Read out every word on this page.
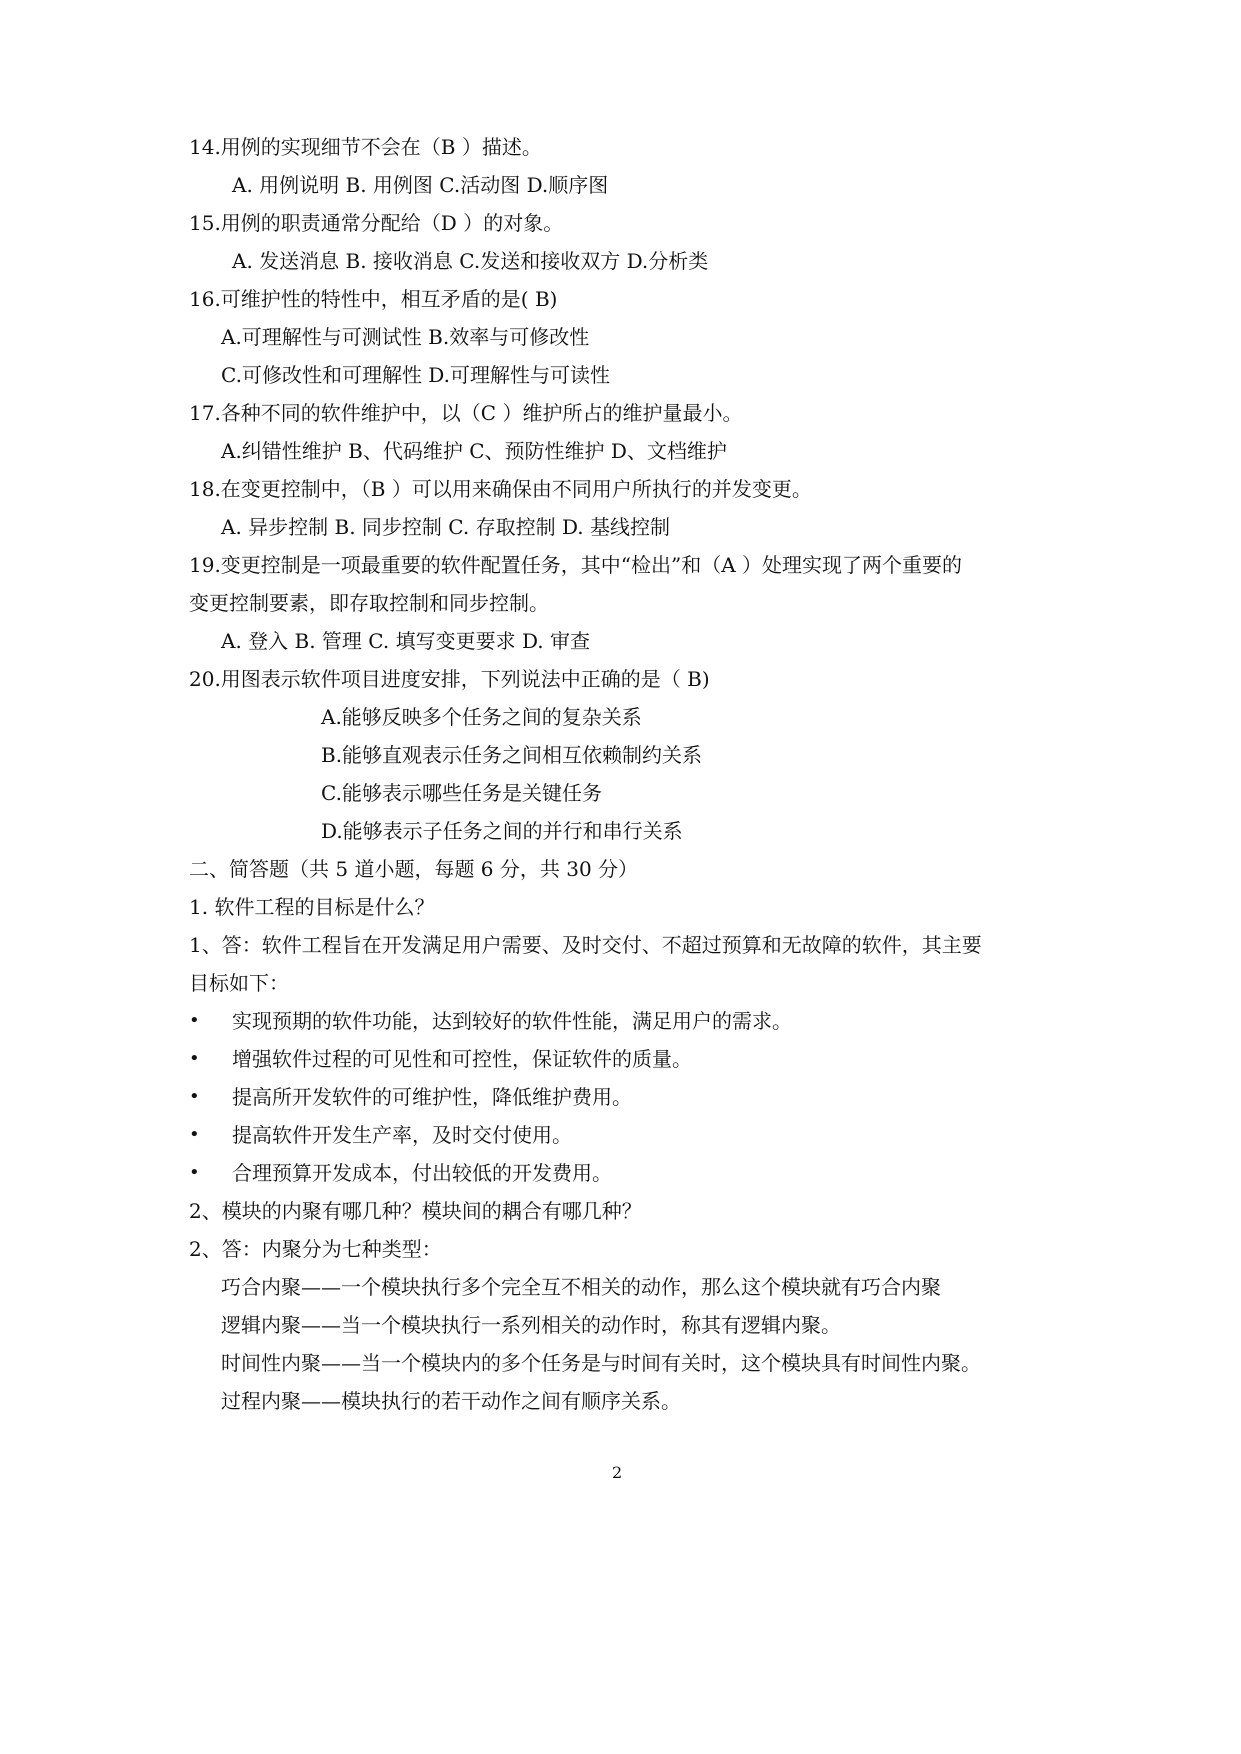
14.用例的实现细节不会在（B ）描述。
A. 用例说明 B. 用例图 C.活动图 D.顺序图
15.用例的职责通常分配给（D ）的对象。
A. 发送消息 B. 接收消息 C.发送和接收双方 D.分析类
16.可维护性的特性中，相互矛盾的是( B)
A.可理解性与可测试性 B.效率与可修改性
C.可修改性和可理解性 D.可理解性与可读性
17.各种不同的软件维护中，以（C ）维护所占的维护量最小。
A.纠错性维护 B、代码维护 C、预防性维护 D、文档维护
18.在变更控制中，（B ）可以用来确保由不同用户所执行的并发变更。
A. 异步控制 B. 同步控制 C. 存取控制 D. 基线控制
19.变更控制是一项最重要的软件配置任务，其中“检出”和（A ）处理实现了两个重要的
变更控制要素，即存取控制和同步控制。
A. 登入 B. 管理 C. 填写变更要求 D. 审查
20.用图表示软件项目进度安排，下列说法中正确的是（ B)
A.能够反映多个任务之间的复杂关系
B.能够直观表示任务之间相互依赖制约关系
C.能够表示哪些任务是关键任务
D.能够表示子任务之间的并行和串行关系
二、简答题（共 5 道小题，每题 6 分，共 30 分）
1. 软件工程的目标是什么？
1、答：软件工程旨在开发满足用户需要、及时交付、不超过预算和无故障的软件，其主要
目标如下：
• 实现预期的软件功能，达到较好的软件性能，满足用户的需求。
• 增强软件过程的可见性和可控性，保证软件的质量。
• 提高所开发软件的可维护性，降低维护费用。
• 提高软件开发生产率，及时交付使用。
• 合理预算开发成本，付出较低的开发费用。
2、模块的内聚有哪几种？模块间的耦合有哪几种？
2、答：内聚分为七种类型：
巧合内聚——一个模块执行多个完全互不相关的动作，那么这个模块就有巧合内聚
逻辑内聚——当一个模块执行一系列相关的动作时，称其有逻辑内聚。
时间性内聚——当一个模块内的多个任务是与时间有关时，这个模块具有时间性内聚。
过程内聚——模块执行的若干动作之间有顺序关系。
2
